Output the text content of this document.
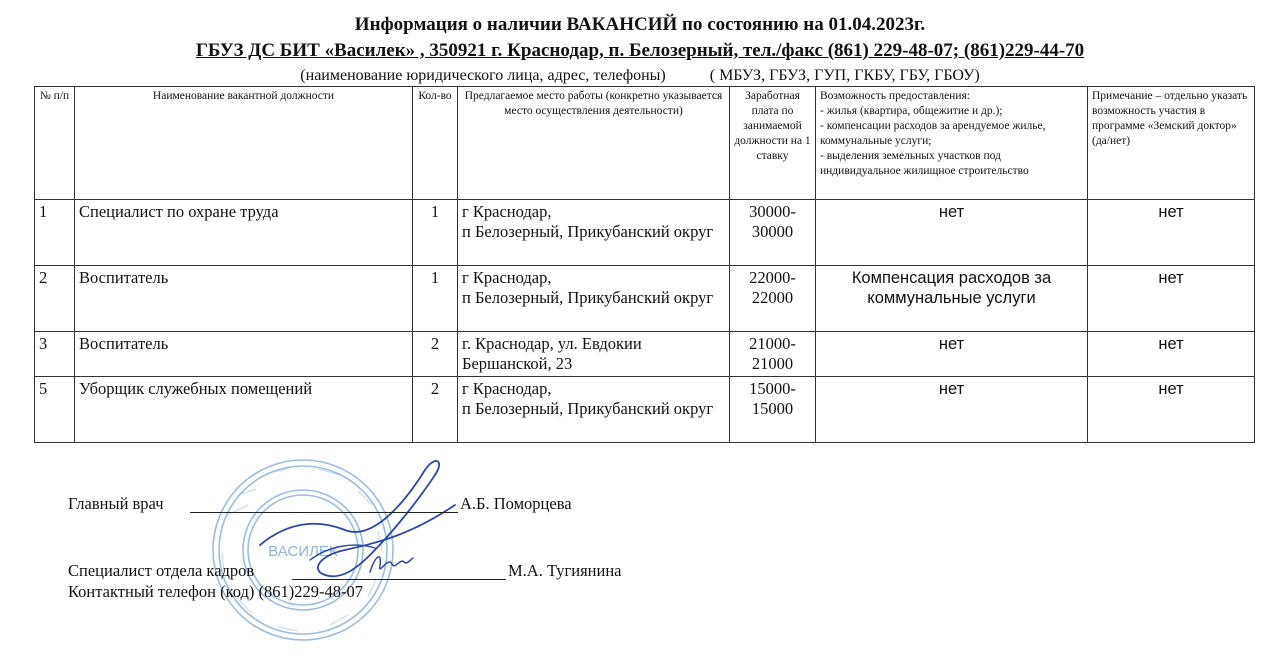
Информация о наличии ВАКАНСИЙ по состоянию на 01.04.2023г.
ГБУЗ ДС БИТ «Василек» , 350921 г. Краснодар, п. Белозерный, тел./факс (861) 229-48-07; (861)229-44-70
(наименование юридического лица, адрес, телефоны)	( МБУЗ, ГБУЗ, ГУП, ГКБУ, ГБУ, ГБОУ)
№ п/п	Наименование вакантной должности	Кол-во	Предлагаемое место работы (конкретно указывается место осуществления деятельности)	Заработная плата по занимаемой должности на 1 ставку	Возможность предоставления:
- жилья (квартира, общежитие и др.);
- компенсации расходов за арендуемое жилье, коммунальные услуги;
- выделения земельных участков под индивидуальное жилищное строительство	Примечание – отдельно указать возможность участия в программе «Земский доктор» (да/нет)
1	Специалист по охране труда	1	г Краснодар,
п Белозерный, Прикубанский округ	30000-30000	нет	нет
2	Воспитатель	1	г Краснодар,
п Белозерный, Прикубанский округ	22000-22000	Компенсация расходов за коммунальные услуги	нет
3	Воспитатель	2	г. Краснодар, ул. Евдокии Бершанской, 23	21000-21000	нет	нет
5	Уборщик служебных помещений	2	г Краснодар,
п Белозерный, Прикубанский округ	15000-15000	нет	нет
ВАСИЛЕК
Главный врач	А.Б. Поморцева
Специалист отдела кадров	М.А. Тугиянина
Контактный телефон (код) (861)229-48-07
